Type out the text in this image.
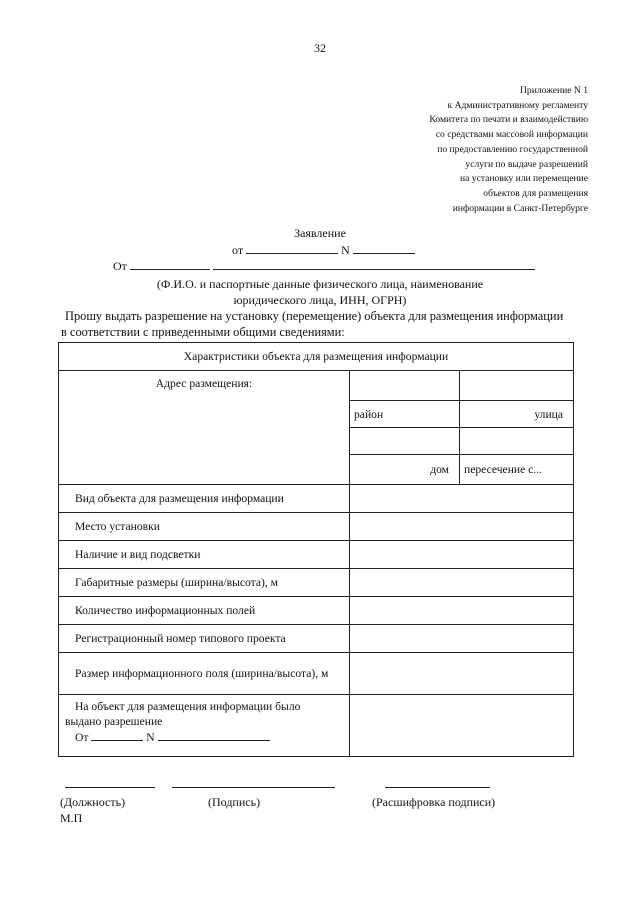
32
Приложение N 1
к Административному регламенту
Комитета по печати и взаимодействию
со средствами массовой информации
по предоставлению государственной
услуги по выдаче разрешений
на установку или перемещение
объектов для размещения
информации в Санкт-Петербурге
Заявление
от	N
От
(Ф.И.О. и паспортные данные физического лица, наименование
юридического лица, ИНН, ОГРН)
Прошу выдать разрешение на установку (перемещение) объекта для размещения информации
в соответствии с приведенными общими сведениями:
Характристики объекта для размещения информации		
Адрес размещения:		
	район	улица

	дом	пересечение с...
Вид объекта для размещения информации		
Место установки		
Наличие и вид подсветки		
Габаритные размеры (ширина/высота), м		
Количество информационных полей		
Регистрационный номер типового проекта		
Размер информационного поля (ширина/высота), м		

На объект для размещения информации было
выдано разрешение
От N		

(Должность)	(Подпись)	(Расшифровка подписи)
М.П
